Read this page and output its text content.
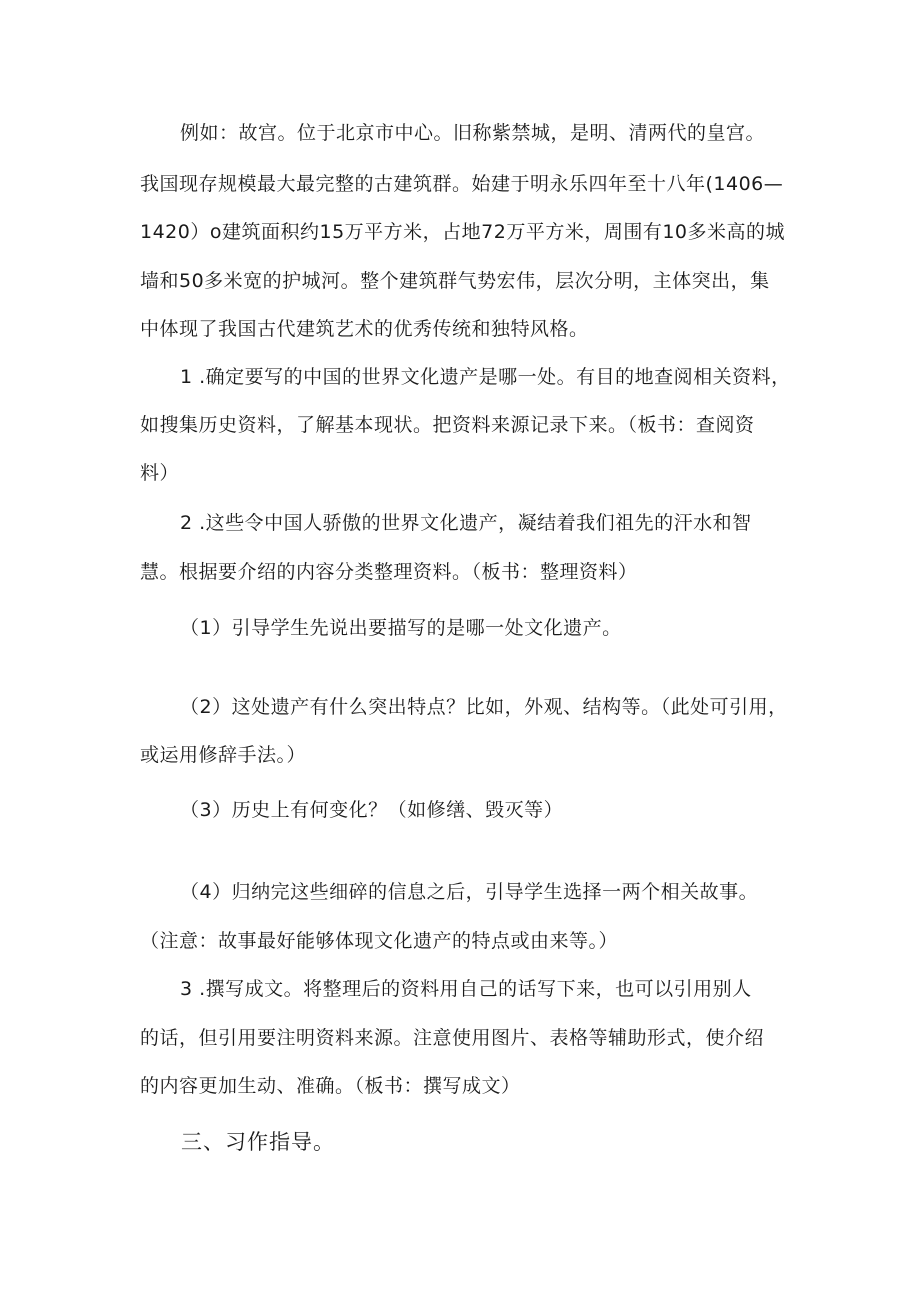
例如：故宫。位于北京市中心。旧称紫禁城，是明、清两代的皇宫。
我国现存规模最大最完整的古建筑群。始建于明永乐四年至十八年(1406—
1420）o建筑面积约15万平方米，占地72万平方米，周围有10多米高的城
墙和50多米宽的护城河。整个建筑群气势宏伟，层次分明，主体突出，集
中体现了我国古代建筑艺术的优秀传统和独特风格。
1 .确定要写的中国的世界文化遗产是哪一处。有目的地查阅相关资料，
如搜集历史资料，了解基本现状。把资料来源记录下来。（板书：查阅资
料）
2 .这些令中国人骄傲的世界文化遗产，凝结着我们祖先的汗水和智
慧。根据要介绍的内容分类整理资料。（板书：整理资料）
（1）引导学生先说出要描写的是哪一处文化遗产。
（2）这处遗产有什么突出特点？比如，外观、结构等。（此处可引用，
或运用修辞手法。）
（3）历史上有何变化？（如修缮、毁灭等）
（4）归纳完这些细碎的信息之后，引导学生选择一两个相关故事。
（注意：故事最好能够体现文化遗产的特点或由来等。）
3 .撰写成文。将整理后的资料用自己的话写下来，也可以引用别人
的话，但引用要注明资料来源。注意使用图片、表格等辅助形式，使介绍
的内容更加生动、准确。（板书：撰写成文）
三、习作指导。
